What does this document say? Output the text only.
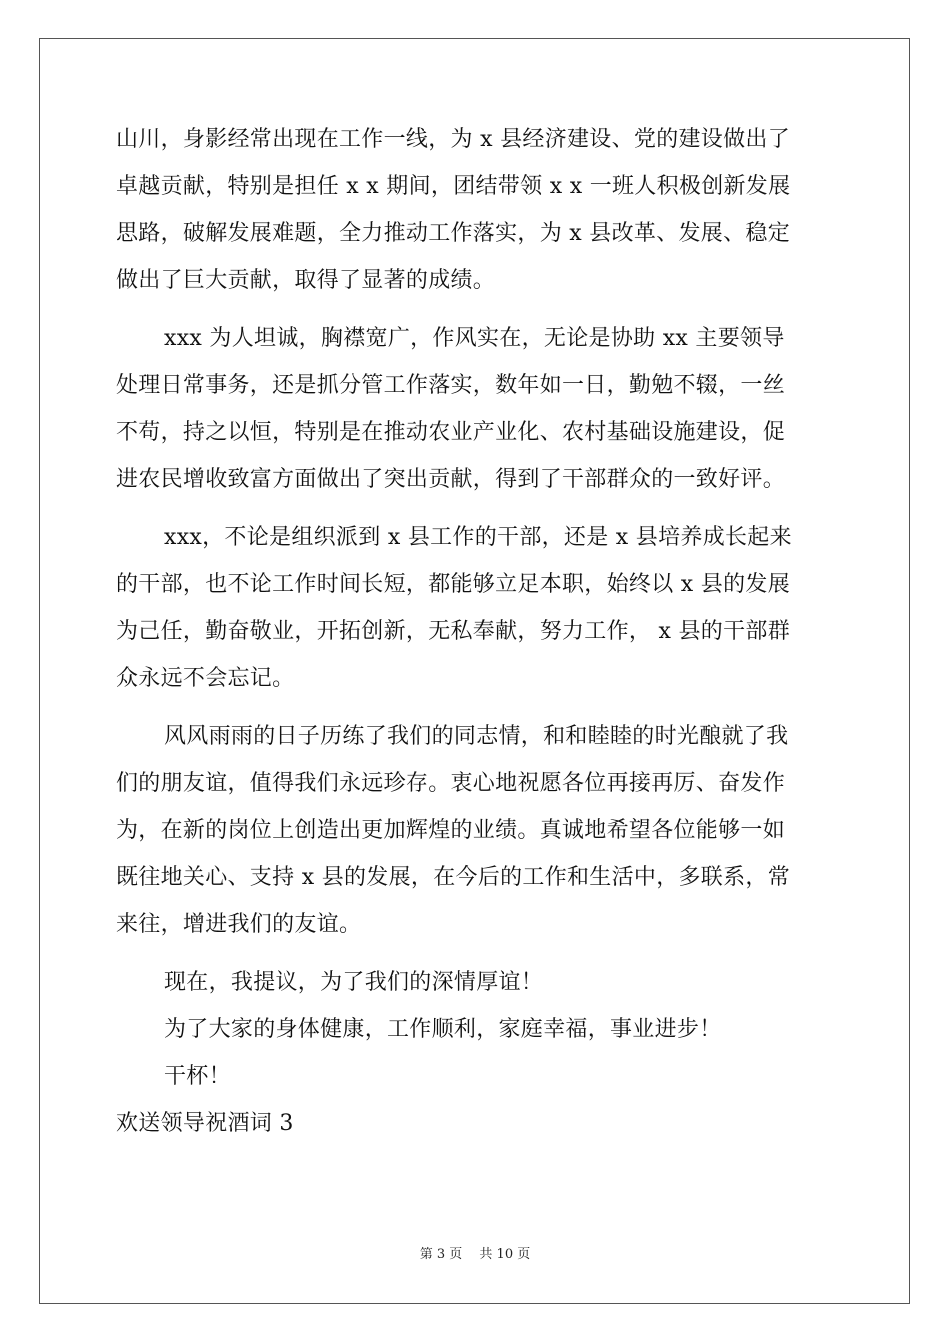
山川，身影经常出现在工作一线，为 x 县经济建设、党的建设做出了
卓越贡献，特别是担任 x x 期间，团结带领 x x 一班人积极创新发展
思路，破解发展难题，全力推动工作落实，为 x 县改革、发展、稳定
做出了巨大贡献，取得了显著的成绩。
xxx 为人坦诚，胸襟宽广，作风实在，无论是协助 xx 主要领导
处理日常事务，还是抓分管工作落实，数年如一日，勤勉不辍，一丝
不苟，持之以恒，特别是在推动农业产业化、农村基础设施建设，促
进农民增收致富方面做出了突出贡献，得到了干部群众的一致好评。
xxx，不论是组织派到 x 县工作的干部，还是 x 县培养成长起来
的干部，也不论工作时间长短，都能够立足本职，始终以 x 县的发展
为己任，勤奋敬业，开拓创新，无私奉献，努力工作， x 县的干部群
众永远不会忘记。
风风雨雨的日子历练了我们的同志情，和和睦睦的时光酿就了我
们的朋友谊，值得我们永远珍存。衷心地祝愿各位再接再厉、奋发作
为，在新的岗位上创造出更加辉煌的业绩。真诚地希望各位能够一如
既往地关心、支持 x 县的发展，在今后的工作和生活中，多联系，常
来往，增进我们的友谊。
现在，我提议，为了我们的深情厚谊！
为了大家的身体健康，工作顺利，家庭幸福，事业进步！
干杯！
欢送领导祝酒词 3
第 3 页　 共 10 页
